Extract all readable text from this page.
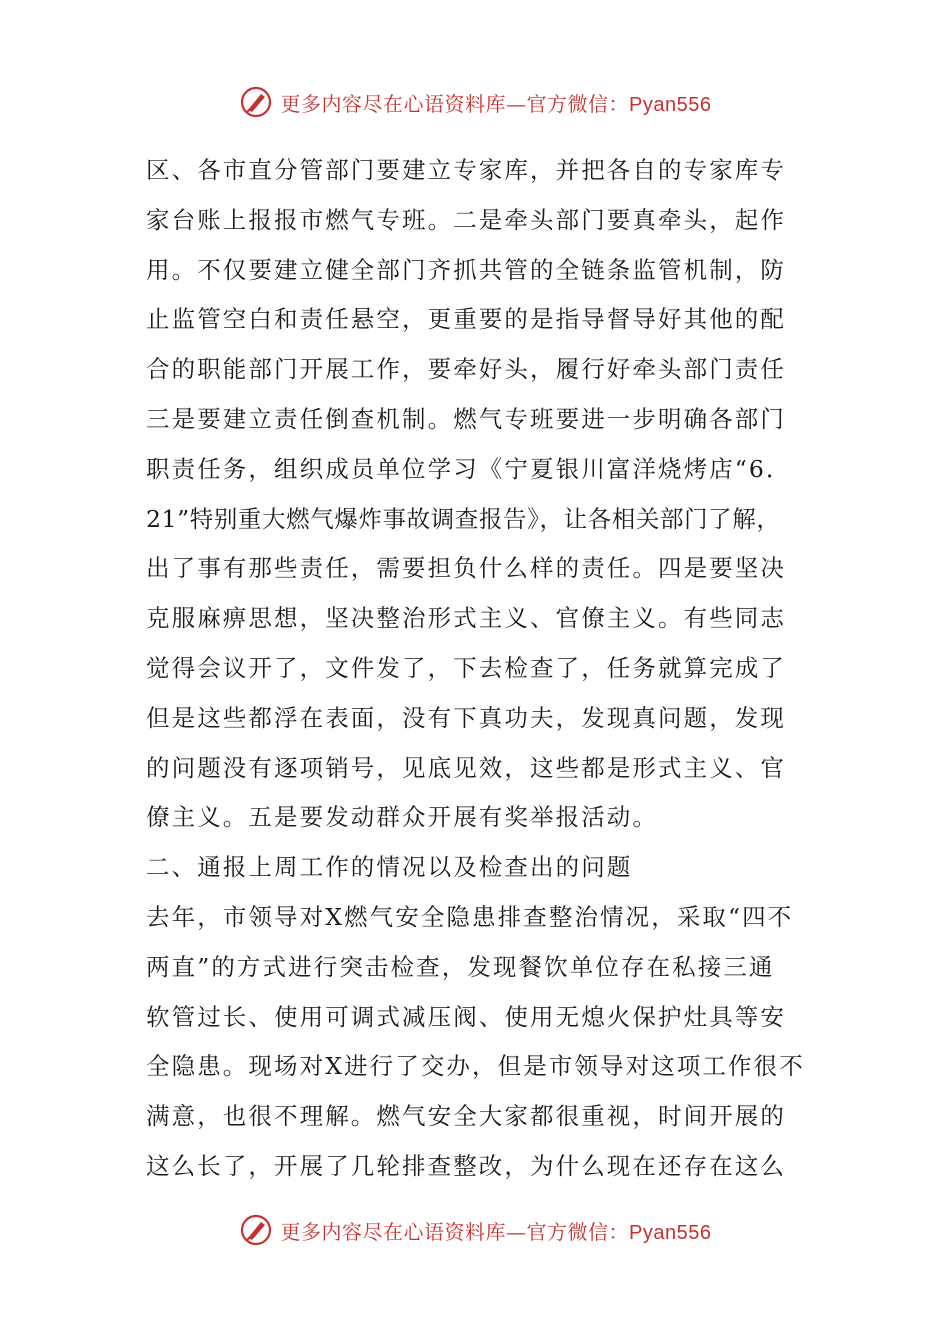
更多内容尽在心语资料库—官方微信：Pyan556
区、各市直分管部门要建立专家库，并把各自的专家库专
家台账上报报市燃气专班。二是牵头部门要真牵头，起作
用。不仅要建立健全部门齐抓共管的全链条监管机制，防
止监管空白和责任悬空，更重要的是指导督导好其他的配
合的职能部门开展工作，要牵好头，履行好牵头部门责任
三是要建立责任倒查机制。燃气专班要进一步明确各部门
职责任务，组织成员单位学习《宁夏银川富洋烧烤店“6．
21”特别重大燃气爆炸事故调查报告》，让各相关部门了解，
出了事有那些责任，需要担负什么样的责任。四是要坚决
克服麻痹思想，坚决整治形式主义、官僚主义。有些同志
觉得会议开了，文件发了，下去检查了，任务就算完成了
但是这些都浮在表面，没有下真功夫，发现真问题，发现
的问题没有逐项销号，见底见效，这些都是形式主义、官
僚主义。五是要发动群众开展有奖举报活动。
二、通报上周工作的情况以及检查出的问题
去年，市领导对X燃气安全隐患排查整治情况，采取“四不
两直”的方式进行突击检查，发现餐饮单位存在私接三通
软管过长、使用可调式减压阀、使用无熄火保护灶具等安
全隐患。现场对X进行了交办，但是市领导对这项工作很不
满意，也很不理解。燃气安全大家都很重视，时间开展的
这么长了，开展了几轮排查整改，为什么现在还存在这么
更多内容尽在心语资料库—官方微信：Pyan556
